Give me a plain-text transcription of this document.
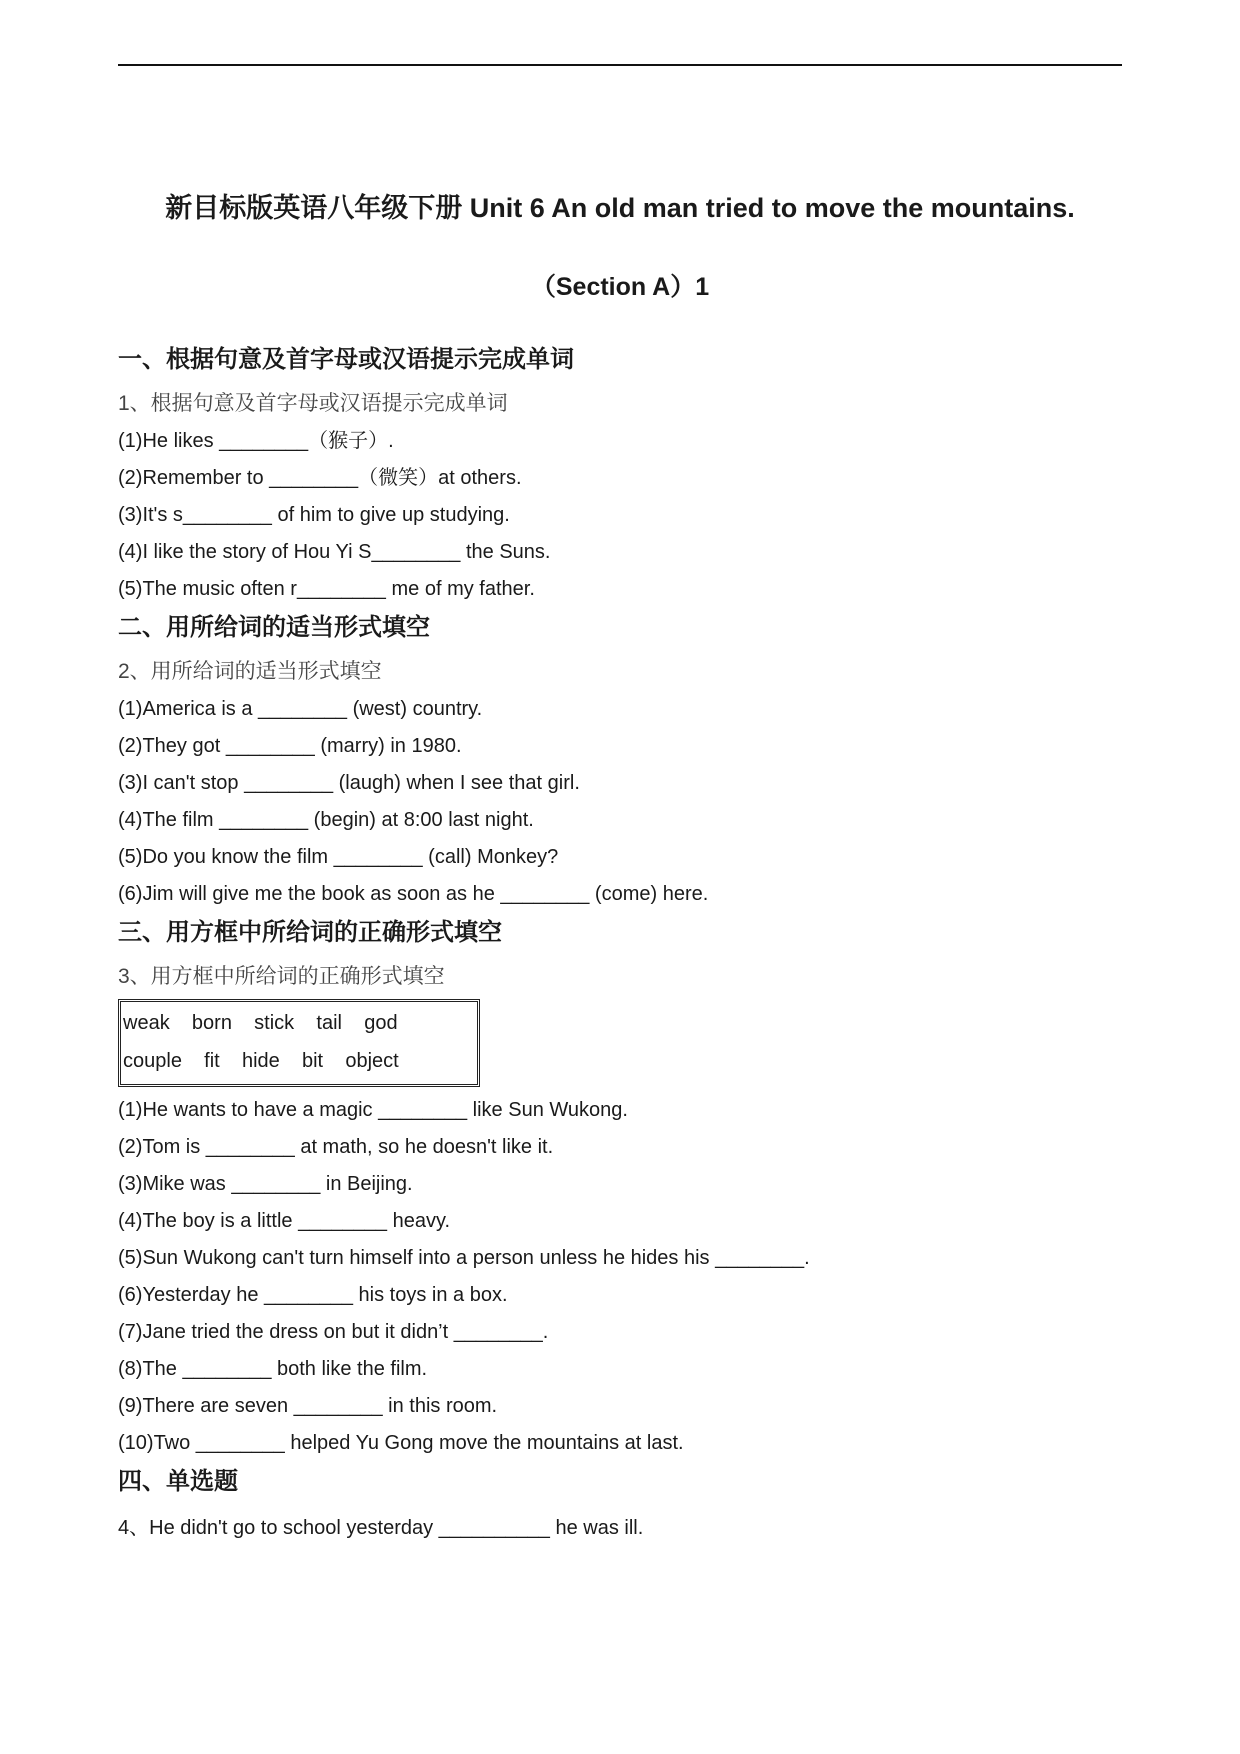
新目标版英语八年级下册 Unit 6 An old man tried to move the mountains.
（Section A）1
一、根据句意及首字母或汉语提示完成单词
1、根据句意及首字母或汉语提示完成单词
(1)He likes ________（猴子）.
(2)Remember to ________（微笑）at others.
(3)It's s________ of him to give up studying.
(4)I like the story of Hou Yi S________ the Suns.
(5)The music often r________ me of my father.
二、用所给词的适当形式填空
2、用所给词的适当形式填空
(1)America is a ________ (west) country.
(2)They got ________ (marry) in 1980.
(3)I can't stop ________ (laugh) when I see that girl.
(4)The film ________ (begin) at 8:00 last night.
(5)Do you know the film ________ (call) Monkey?
(6)Jim will give me the book as soon as he ________ (come) here.
三、用方框中所给词的正确形式填空
3、用方框中所给词的正确形式填空
weak    born    stick    tail    god
couple    fit    hide    bit    object
(1)He wants to have a magic ________ like Sun Wukong.
(2)Tom is ________ at math, so he doesn't like it.
(3)Mike was ________ in Beijing.
(4)The boy is a little ________ heavy.
(5)Sun Wukong can't turn himself into a person unless he hides his ________.
(6)Yesterday he ________ his toys in a box.
(7)Jane tried the dress on but it didn’t ________.
(8)The ________ both like the film.
(9)There are seven ________ in this room.
(10)Two ________ helped Yu Gong move the mountains at last.
四、单选题
4、He didn't go to school yesterday __________ he was ill.
